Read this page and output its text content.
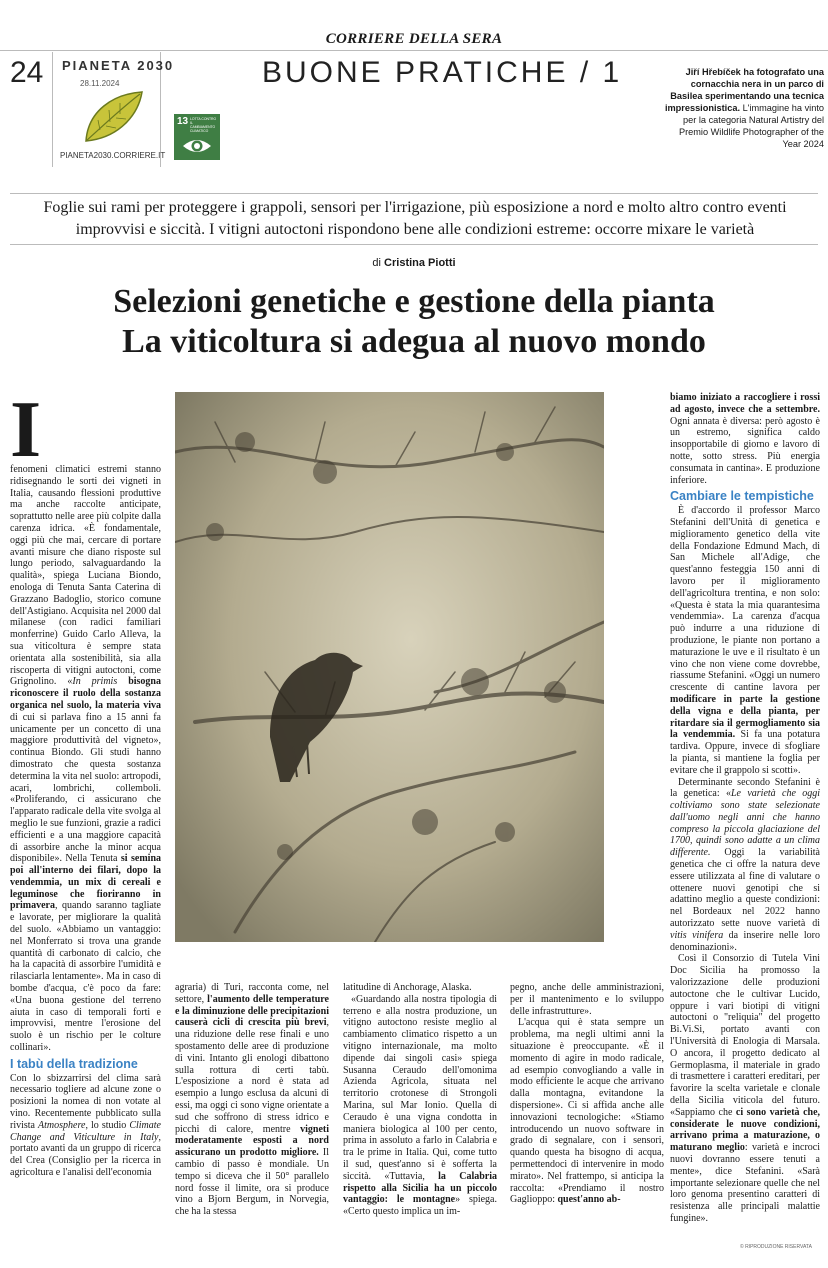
CORRIERE DELLA SERA
24 PIANETA 2030
28.11.2024
PIANETA2030.CORRIERE.IT
BUONE PRATICHE / 1
13 LOTTA CONTRO IL CAMBIAMENTO CLIMATICO
Jiří Hřebíček ha fotografato una cornacchia nera in un parco di Basilea sperimentando una tecnica impressionistica. L'immagine ha vinto per la categoria Natural Artistry del Premio Wildlife Photographer of the Year 2024
Foglie sui rami per proteggere i grappoli, sensori per l'irrigazione, più esposizione a nord e molto altro contro eventi improvvisi e siccità. I vitigni autoctoni rispondono bene alle condizioni estreme: occorre mixare le varietà
di Cristina Piotti
Selezioni genetiche e gestione della pianta
La viticoltura si adegua al nuovo mondo
I

fenomeni climatici estremi stanno ridisegnando le sorti dei vigneti in Italia, causando flessioni produttive ma anche raccolte anticipate, soprattutto nelle aree più colpite dalla carenza idrica. «È fondamentale, oggi più che mai, cercare di portare avanti misure che diano risposte sul lungo periodo, salvaguardando la qualità», spiega Luciana Biondo, enologa di Tenuta Santa Caterina di Grazzano Badoglio, storico comune dell'Astigiano. Acquisita nel 2000 dal milanese (con radici familiari monferrine) Guido Carlo Alleva, la sua viticoltura è sempre stata orientata alla sostenibilità, sia alla riscoperta di vitigni autoctoni, come Grignolino. «In primis bisogna riconoscere il ruolo della sostanza organica nel suolo, la materia viva di cui si parlava fino a 15 anni fa unicamente per un concetto di una maggiore produttività del vigneto», continua Biondo. Gli studi hanno dimostrato che questa sostanza determina la vita nel suolo: artropodi, acari, lombrichi, collemboli. «Proliferando, ci assicurano che l'apparato radicale della vite svolga al meglio le sue funzioni, grazie a radici efficienti e a una maggiore capacità di assorbire anche la minor acqua disponibile». Nella Tenuta si semina poi all'interno dei filari, dopo la vendemmia, un mix di cereali e leguminose che fioriranno in primavera, quando saranno tagliate e lavorate, per migliorare la qualità del suolo. «Abbiamo un vantaggio: nel Monferrato si trova una grande quantità di carbonato di calcio, che ha la capacità di assorbire l'umidità e rilasciarla lentamente». Ma in caso di bombe d'acqua, c'è poco da fare: «Una buona gestione del terreno aiuta in caso di temporali forti e improvvisi, mentre l'erosione del suolo è un rischio per le colture collinari».

I tabù della tradizione

Con lo sbizzarrirsi del clima sarà necessario togliere ad alcune zone o posizioni la nomea di non votate al vino. Recentemente pubblicato sulla rivista Atmosphere, lo studio Climate Change and Viticulture in Italy, portato avanti da un gruppo di ricerca del Crea (Consiglio per la ricerca in agricoltura e l'analisi dell'economia

agraria) di Turi, racconta come, nel settore, l'aumento delle temperature e la diminuzione delle precipitazioni causerà cicli di crescita più brevi, una riduzione delle rese finali e uno spostamento delle aree di produzione di vini. Intanto gli enologi dibattono sulla rottura di certi tabù. L'esposizione a nord è stata ad esempio a lungo esclusa da alcuni di essi, ma oggi ci sono vigne orientate a sud che soffrono di stress idrico e picchi di calore, mentre vigneti moderatamente esposti a nord assicurano un prodotto migliore. Il cambio di passo è mondiale. Un tempo si diceva che il 50° parallelo nord fosse il limite, ora si produce vino a Bjorn Bergum, in Norvegia, che ha la stessa

latitudine di Anchorage, Alaska.

«Guardando alla nostra tipologia di terreno e alla nostra produzione, un vitigno autoctono resiste meglio al cambiamento climatico rispetto a un vitigno internazionale, ma molto dipende dai singoli casi» spiega Susanna Ceraudo dell'omonima Azienda Agricola, situata nel territorio crotonese di Strongoli Marina, sul Mar Ionio. Quella di Ceraudo è una vigna condotta in maniera biologica al 100 per cento, prima in assoluto a farlo in Calabria e tra le prime in Italia. Qui, come tutto il sud, quest'anno si è sofferta la siccità. «Tuttavia, la Calabria rispetto alla Sicilia ha un piccolo vantaggio: le montagne» spiega. «Certo questo implica un im-

pegno, anche delle amministrazioni, per il mantenimento e lo sviluppo delle infrastrutture».

L'acqua qui è stata sempre un problema, ma negli ultimi anni la situazione è preoccupante. «È il momento di agire in modo radicale, ad esempio convogliando a valle in modo efficiente le acque che arrivano dalla montagna, evitandone la dispersione». Ci si affida anche alle innovazioni tecnologiche: «Stiamo introducendo un nuovo software in grado di segnalare, con i sensori, quando questa ha bisogno di acqua, permettendoci di intervenire in modo mirato». Nel frattempo, si anticipa la raccolta: «Prendiamo il nostro Gaglioppo: quest'anno ab-

biamo iniziato a raccogliere i rossi ad agosto, invece che a settembre. Ogni annata è diversa: però agosto è un estremo, significa caldo insopportabile di giorno e lavoro di notte, sotto stress. Più energia consumata in cantina». E produzione inferiore.

Cambiare le tempistiche

È d'accordo il professor Marco Stefanini dell'Unità di genetica e miglioramento genetico della vite della Fondazione Edmund Mach, di San Michele all'Adige, che quest'anno festeggia 150 anni di lavoro per il miglioramento dell'agricoltura trentina, e non solo: «Questa è stata la mia quarantesima vendemmia». La carenza d'acqua può indurre a una riduzione di produzione, le piante non portano a maturazione le uve e il risultato è un vino che non viene come dovrebbe, riassume Stefanini. «Oggi un numero crescente di cantine lavora per modificare in parte la gestione della vigna e della pianta, per ritardare sia il germogliamento sia la vendemmia. Si fa una potatura tardiva. Oppure, invece di sfogliare la pianta, si mantiene la foglia per evitare che il grappolo si scotti».

Determinante secondo Stefanini è la genetica: «Le varietà che oggi coltiviamo sono state selezionate dall'uomo negli anni che hanno compreso la piccola glaciazione del 1700, quindi sono adatte a un clima differente. Oggi la variabilità genetica che ci offre la natura deve essere utilizzata al fine di valutare o ottenere nuovi genotipi che si adattino meglio a queste condizioni: nel Bordeaux nel 2022 hanno autorizzato sette nuove varietà di vitis vinifera da inserire nelle loro denominazioni».

Così il Consorzio di Tutela Vini Doc Sicilia ha promosso la valorizzazione delle produzioni autoctone che le cultivar Lucido, oppure i vari biotipi di vitigni autoctoni o "reliquia" del progetto Bi.Vi.Si, portato avanti con l'Università di Enologia di Marsala. O ancora, il progetto dedicato al Germoplasma, il materiale in grado di trasmettere i caratteri ereditari, per favorire la scelta varietale e clonale della Sicilia viticola del futuro. «Sappiamo che ci sono varietà che, considerate le nuove condizioni, arrivano prima a maturazione, o maturano meglio: varietà e incroci nuovi dovranno essere tenuti a mente», dice Stefanini. «Sarà importante selezionare quelle che nel loro genoma presentino caratteri di resistenza alle principali malattie fungine».

© RIPRODUZIONE RISERVATA
